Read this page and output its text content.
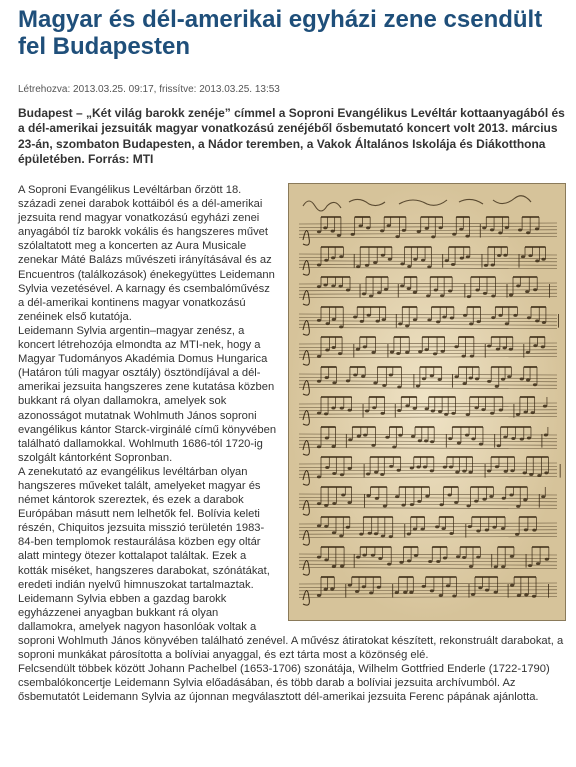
Magyar és dél-amerikai egyházi zene csendült fel Budapesten
Létrehozva: 2013.03.25. 09:17, frissítve: 2013.03.25. 13:53
Budapest – „Két világ barokk zenéje” címmel a Soproni Evangélikus Levéltár kottaanyagából és a dél-amerikai jezsuiták magyar vonatkozású zenéjéből ősbemutató koncert volt 2013. március 23-án, szombaton Budapesten, a Nádor teremben, a Vakok Általános Iskolája és Diákotthona épületében. Forrás: MTI

A Soproni Evangélikus Levéltárban őrzött 18. századi zenei darabok kottáiból és a dél-amerikai jezsuita rend magyar vonatkozású egyházi zenei anyagából tíz barokk vokális és hangszeres művet szólaltatott meg a koncerten az Aura Musicale zenekar Máté Balázs művészeti irányításával és az Encuentros (találkozások) énekegyüttes Leidemann Sylvia vezetésével. A karnagy és csembalóművész a dél-amerikai kontinens magyar vonatkozású zenéinek első kutatója.

Leidemann Sylvia argentin–magyar zenész, a koncert létrehozója elmondta az MTI-nek, hogy a Magyar Tudományos Akadémia Domus Hungarica (Határon túli magyar osztály) ösztöndíjával a dél-amerikai jezsuita hangszeres zene kutatása közben bukkant rá olyan dallamokra, amelyek sok azonosságot mutatnak Wohlmuth János soproni evangélikus kántor Starck-virginálé című könyvében található dallamokkal. Wohlmuth 1686-tól 1720-ig szolgált kántorként Sopronban.

A zenekutató az evangélikus levéltárban olyan hangszeres műveket talált, amelyeket magyar és német kántorok szereztek, és ezek a darabok Európában másutt nem lelhetők fel. Bolívia keleti részén, Chiquitos jezsuita misszió területén 1983-84-ben templomok restaurálása közben egy oltár alatt mintegy ötezer kottalapot találtak. Ezek a kották miséket, hangszeres darabokat, szónátákat, eredeti indián nyelvű himnuszokat tartalmaztak.

Leidemann Sylvia ebben a gazdag barokk egyházzenei anyagban bukkant rá olyan dallamokra, amelyek nagyon hasonlóak voltak a soproni Wohlmuth János könyvében található zenével. A művész átiratokat készített, rekonstruált darabokat, a soproni munkákat párosította a bolíviai anyaggal, és ezt tárta most a közönség elé.

Felcsendült többek között Johann Pachelbel (1653-1706) szonátája, Wilhelm Gottfried Enderle (1722-1790) csembalókoncertje Leidemann Sylvia előadásában, és több darab a bolíviai jezsuita archívumból. Az ősbemutatót Leidemann Sylvia az újonnan megválasztott dél-amerikai jezsuita Ferenc pápának ajánlotta.
